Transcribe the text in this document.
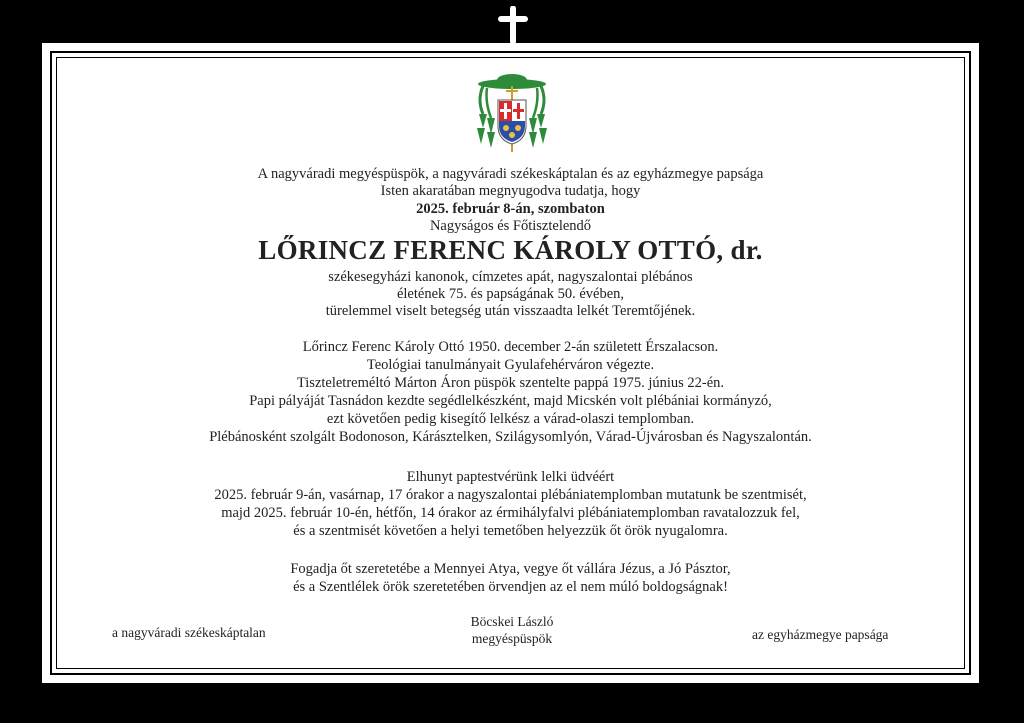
A nagyváradi megyéspüspök, a nagyváradi székeskáptalan és az egyházmegye papsága
Isten akaratában megnyugodva tudatja, hogy
2025. február 8-án, szombaton
Nagyságos és Főtisztelendő
LŐRINCZ FERENC KÁROLY OTTÓ, dr.
székesegyházi kanonok, címzetes apát, nagyszalontai plébános
életének 75. és papságának 50. évében,
türelemmel viselt betegség után visszaadta lelkét Teremtőjének.
Lőrincz Ferenc Károly Ottó 1950. december 2-án született Érszalacson.
Teológiai tanulmányait Gyulafehérváron végezte.
Tiszteletreméltó Márton Áron püspök szentelte pappá 1975. június 22-én.
Papi pályáját Tasnádon kezdte segédlelkészként, majd Micskén volt plébániai kormányzó,
ezt követően pedig kisegítő lelkész a várad-olaszi templomban.
Plébánosként szolgált Bodonoson, Kárásztelken, Szilágysomlyón, Várad-Újvárosban és Nagyszalontán.
Elhunyt paptestvérünk lelki üdvéért
2025. február 9-án, vasárnap, 17 órakor a nagyszalontai plébániatemplomban mutatunk be szentmisét,
majd 2025. február 10-én, hétfőn, 14 órakor az érmihályfalvi plébániatemplomban ravatalozzuk fel,
és a szentmisét követően a helyi temetőben helyezzük őt örök nyugalomra.
Fogadja őt szeretetébe a Mennyei Atya, vegye őt vállára Jézus, a Jó Pásztor,
és a Szentlélek örök szeretetében örvendjen az el nem múló boldogságnak!
a nagyváradi székeskáptalan
Böcskei László
megyéspüspök	az egyházmegye papsága
